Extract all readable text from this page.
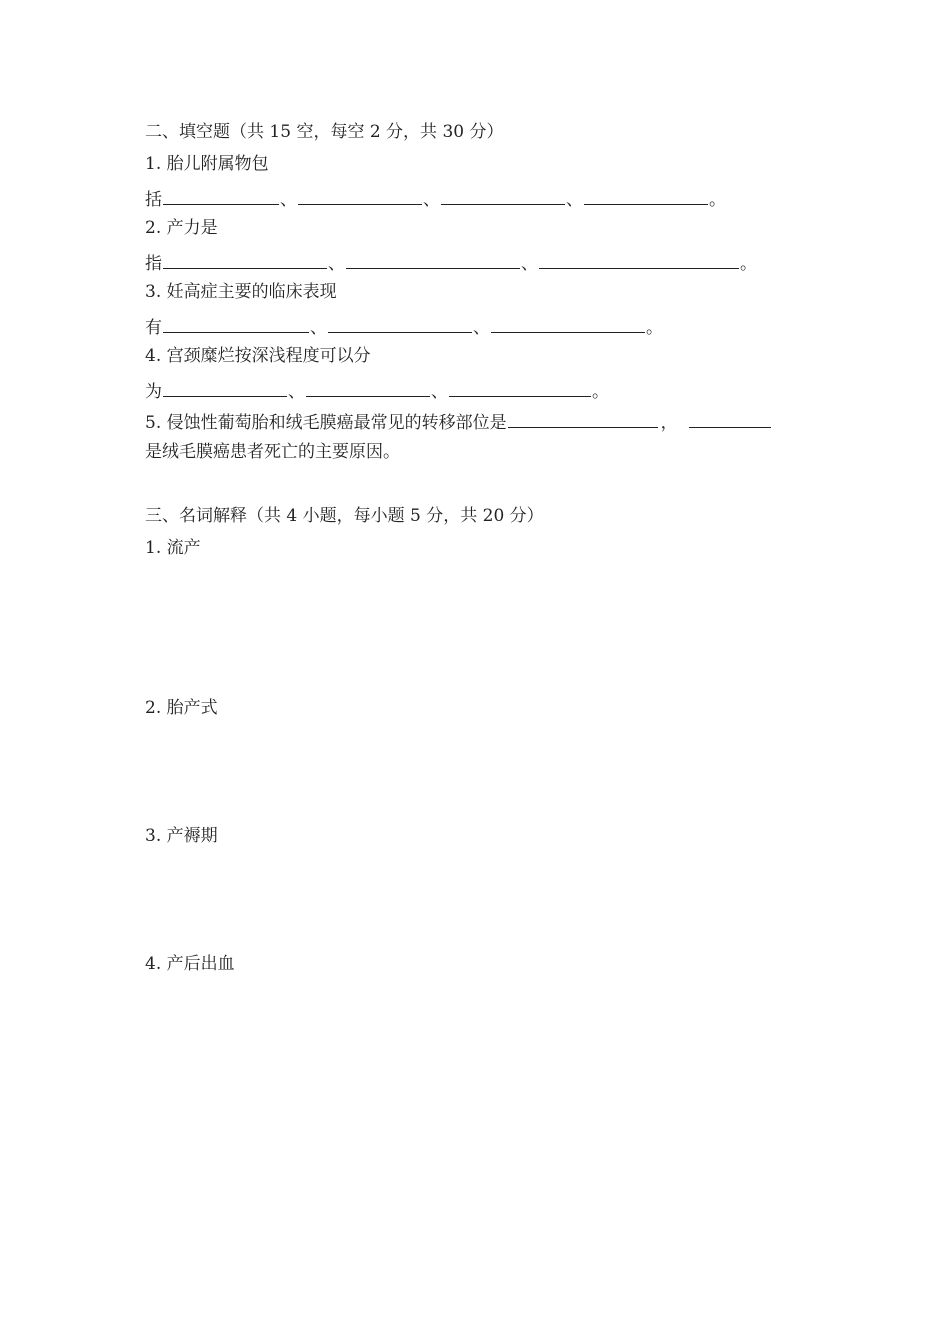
二、填空题（共 15 空，每空 2 分，共 30 分）
1. 胎儿附属物包
括	、	、	、	。
2. 产力是
指	、	、	。
3. 妊高症主要的临床表现
有	、	、	。
4. 宫颈糜烂按深浅程度可以分
为	、	、	。
5. 侵蚀性葡萄胎和绒毛膜癌最常见的转移部位是	，
是绒毛膜癌患者死亡的主要原因。
三、名词解释（共 4 小题，每小题 5 分，共 20 分）
1. 流产
2. 胎产式
3. 产褥期
4. 产后出血
